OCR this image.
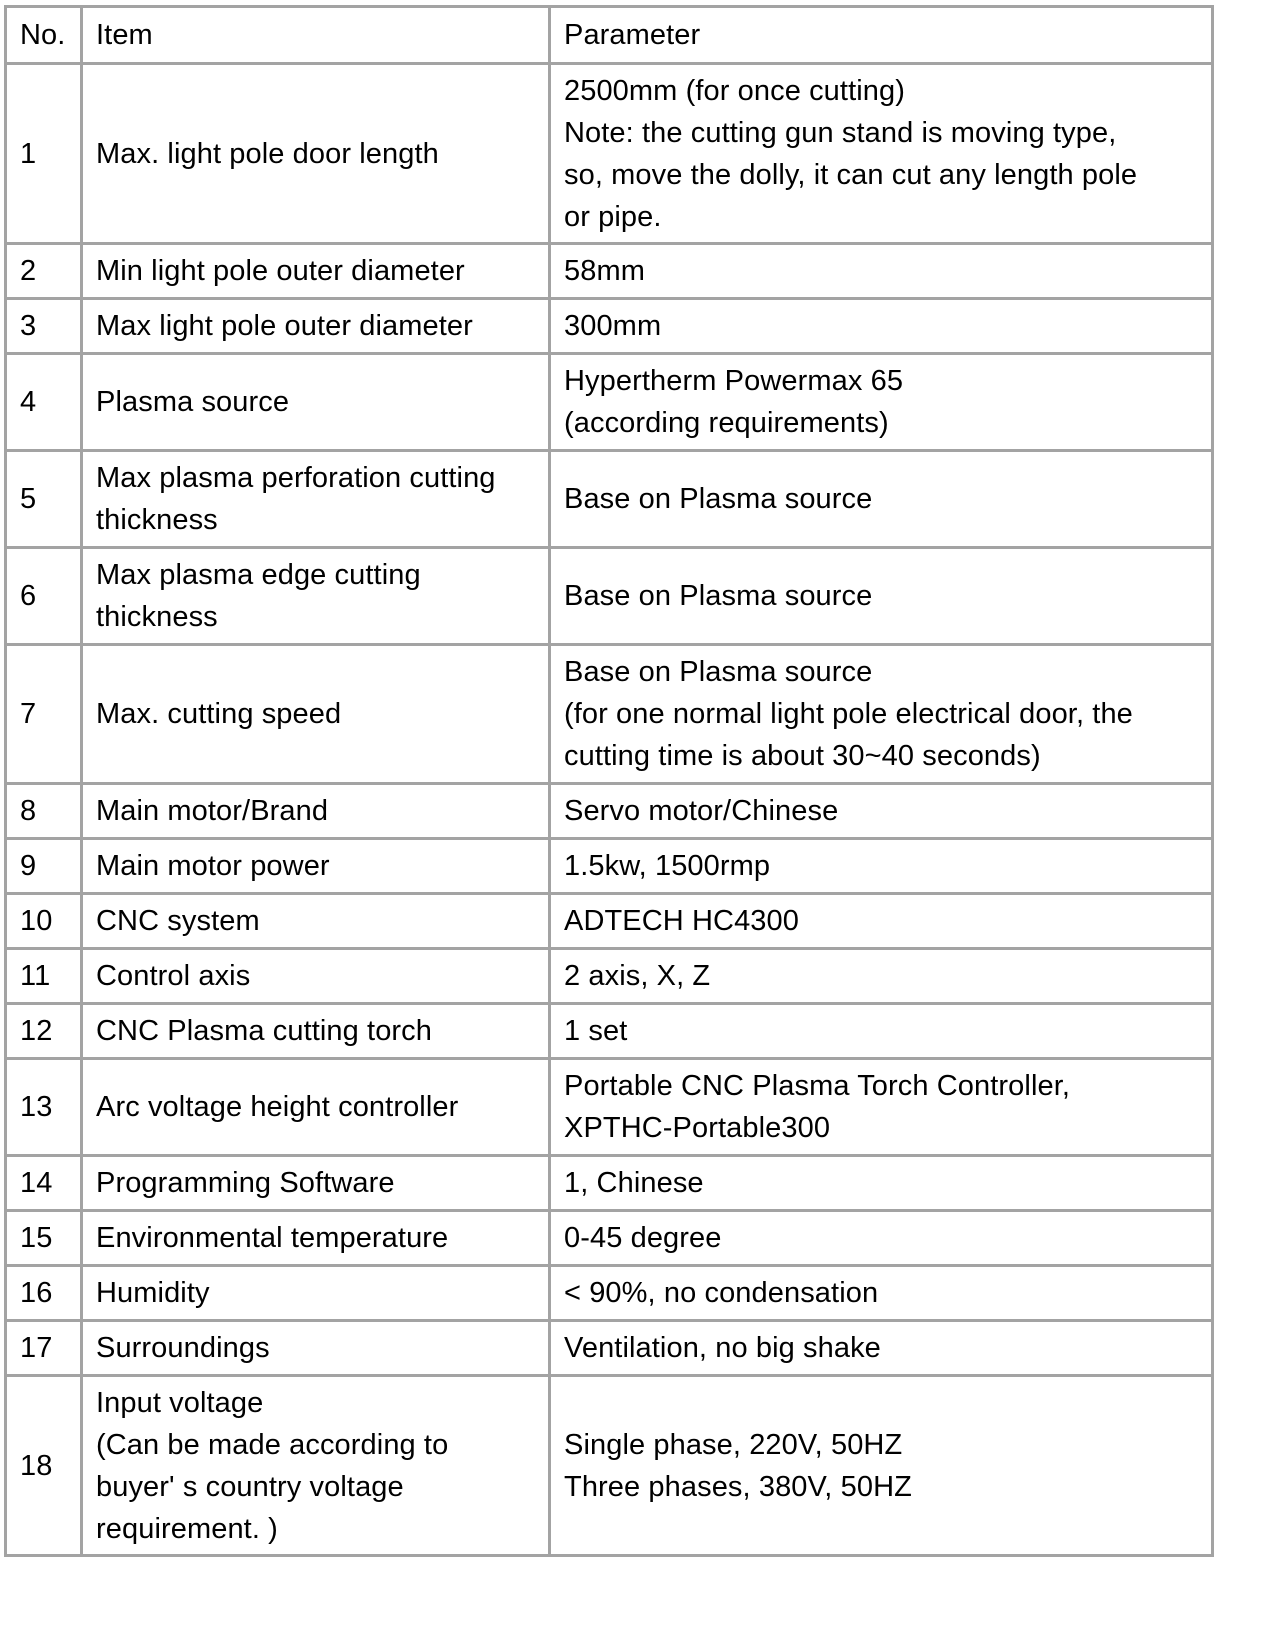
No.	Item	Parameter
1	Max. light pole door length	2500mm (for once cutting)
Note: the cutting gun stand is moving type,
so, move the dolly, it can cut any length pole
or pipe.

2	Min light pole outer diameter	58mm

3	Max light pole outer diameter	300mm

4	Plasma source	Hypertherm Powermax 65
(according requirements)

5	Max plasma perforation cutting
thickness	Base on Plasma source

6	Max plasma edge cutting
thickness	Base on Plasma source

7	Max. cutting speed	Base on Plasma source
(for one normal light pole electrical door, the
cutting time is about 30~40 seconds)

8	Main motor/Brand	Servo motor/Chinese

9	Main motor power	1.5kw, 1500rmp

10	CNC system	ADTECH HC4300

11	Control axis	2 axis, X, Z

12	CNC Plasma cutting torch	1 set

13	Arc voltage height controller	Portable CNC Plasma Torch Controller,
XPTHC-Portable300

14	Programming Software	1, Chinese

15	Environmental temperature	0-45 degree

16	Humidity	< 90%, no condensation

17	Surroundings	Ventilation, no big shake

18	Input voltage
(Can be made according to
buyer' s country voltage
requirement. )	Single phase, 220V, 50HZ
Three phases, 380V, 50HZ
